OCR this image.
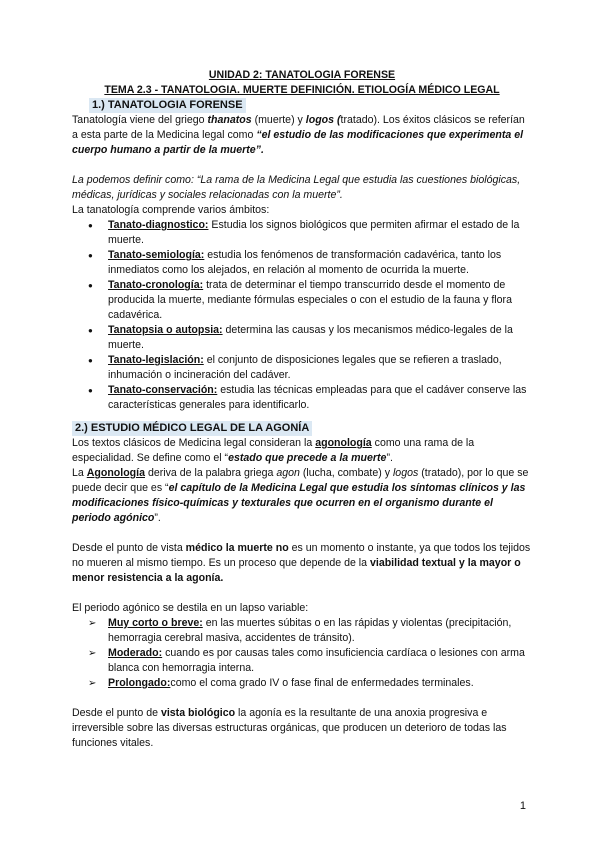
UNIDAD 2: TANATOLOGIA FORENSE

TEMA 2.3 - TANATOLOGIA. MUERTE DEFINICIÓN. ETIOLOGÍA MÉDICO LEGAL

1.) TANATOLOGIA FORENSE

Tanatología viene del griego thanatos (muerte) y logos (tratado). Los éxitos clásicos se referían a esta parte de la Medicina legal como “el estudio de las modificaciones que experimenta el cuerpo humano a partir de la muerte”.

La podemos definir como: “La rama de la Medicina Legal que estudia las cuestiones biológicas, médicas, jurídicas y sociales relacionadas con la muerte”.

La tanatología comprende varios ámbitos:

● Tanato-diagnostico: Estudia los signos biológicos que permiten afirmar el estado de la muerte.
● Tanato-semiología: estudia los fenómenos de transformación cadavérica, tanto los inmediatos como los alejados, en relación al momento de ocurrida la muerte.
● Tanato-cronología: trata de determinar el tiempo transcurrido desde el momento de producida la muerte, mediante fórmulas especiales o con el estudio de la fauna y flora cadavérica.
● Tanatopsia o autopsia: determina las causas y los mecanismos médico-legales de la muerte.
● Tanato-legislación: el conjunto de disposiciones legales que se refieren a traslado, inhumación o incineración del cadáver.
● Tanato-conservación: estudia las técnicas empleadas para que el cadáver conserve las características generales para identificarlo.
2.) ESTUDIO MÉDICO LEGAL DE LA AGONÍA

Los textos clásicos de Medicina legal consideran la agonología como una rama de la especialidad. Se define como el “estado que precede a la muerte”.

La Agonología deriva de la palabra griega agon (lucha, combate) y logos (tratado), por lo que se puede decir que es “el capítulo de la Medicina Legal que estudia los síntomas clínicos y las modificaciones físico-químicas y texturales que ocurren en el organismo durante el periodo agónico”.

Desde el punto de vista médico la muerte no es un momento o instante, ya que todos los tejidos no mueren al mismo tiempo. Es un proceso que depende de la viabilidad textual y la mayor o menor resistencia a la agonía.

El periodo agónico se destila en un lapso variable:

➢ Muy corto o breve: en las muertes súbitas o en las rápidas y violentas (precipitación, hemorragia cerebral masiva, accidentes de tránsito).
➢ Moderado: cuando es por causas tales como insuficiencia cardíaca o lesiones con arma blanca con hemorragia interna.
➢ Prolongado:como el coma grado IV o fase final de enfermedades terminales.

Desde el punto de vista biológico la agonía es la resultante de una anoxia progresiva e irreversible sobre las diversas estructuras orgánicas, que producen un deterioro de todas las funciones vitales.

1
